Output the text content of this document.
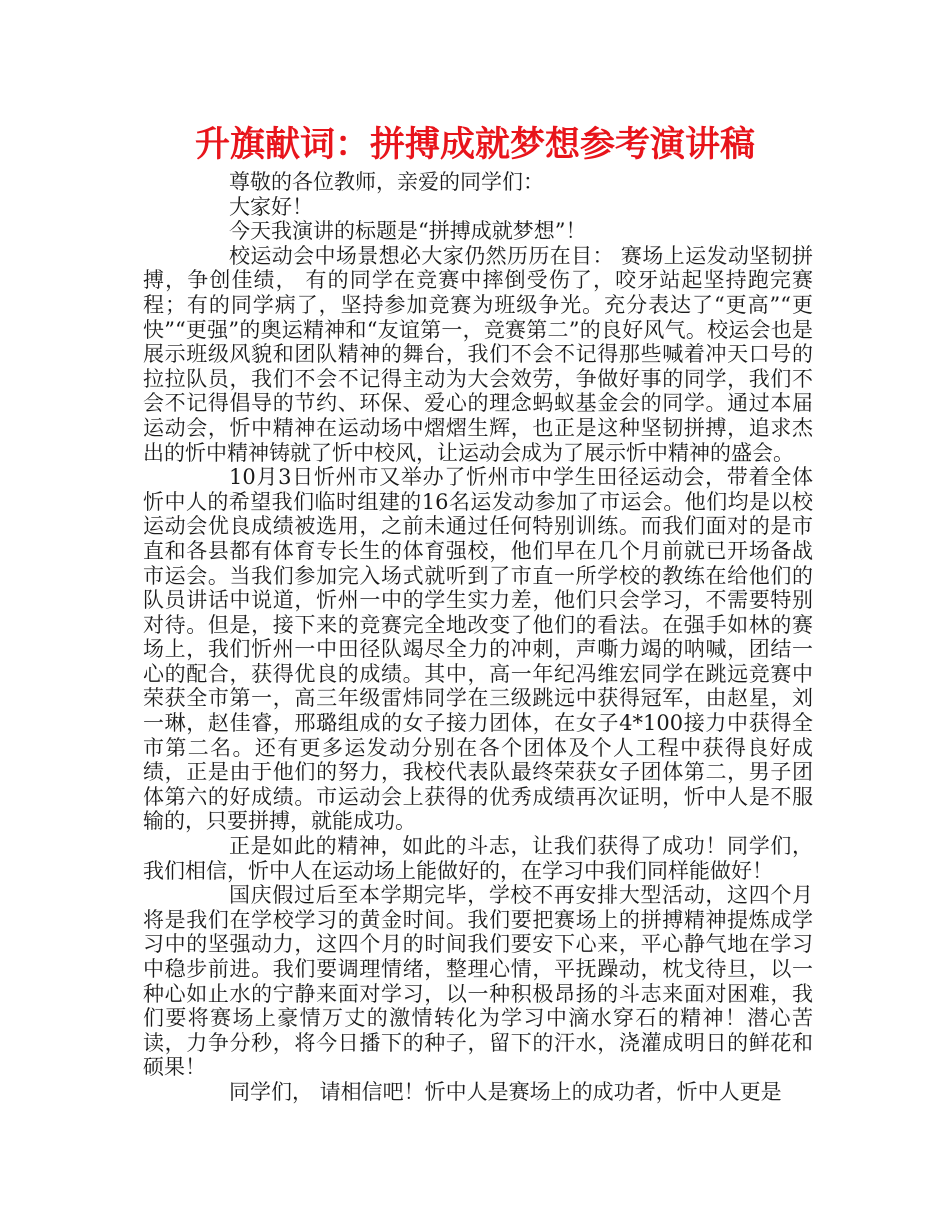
升旗献词：拼搏成就梦想参考演讲稿

尊敬的各位教师，亲爱的同学们：

大家好！

今天我演讲的标题是“拼搏成就梦想”！

校运动会中场景想必大家仍然历历在目： 赛场上运发动坚韧拼搏，争创佳绩， 有的同学在竞赛中摔倒受伤了，咬牙站起坚持跑完赛程；有的同学病了，坚持参加竞赛为班级争光。充分表达了“更高”“更快”“更强”的奥运精神和“友谊第一，竞赛第二”的良好风气。校运会也是展示班级风貌和团队精神的舞台，我们不会不记得那些喊着冲天口号的拉拉队员，我们不会不记得主动为大会效劳，争做好事的同学，我们不会不记得倡导的节约、环保、爱心的理念蚂蚁基金会的同学。通过本届运动会，忻中精神在运动场中熠熠生辉，也正是这种坚韧拼搏，追求杰出的忻中精神铸就了忻中校风，让运动会成为了展示忻中精神的盛会。

10月3日忻州市又举办了忻州市中学生田径运动会，带着全体忻中人的希望我们临时组建的16名运发动参加了市运会。他们均是以校运动会优良成绩被选用，之前未通过任何特别训练。而我们面对的是市直和各县都有体育专长生的体育强校，他们早在几个月前就已开场备战市运会。当我们参加完入场式就听到了市直一所学校的教练在给他们的队员讲话中说道，忻州一中的学生实力差，他们只会学习，不需要特别对待。但是，接下来的竞赛完全地改变了他们的看法。在强手如林的赛场上，我们忻州一中田径队竭尽全力的冲刺，声嘶力竭的呐喊，团结一心的配合，获得优良的成绩。其中，高一年纪冯维宏同学在跳远竞赛中荣获全市第一，高三年级雷炜同学在三级跳远中获得冠军，由赵星，刘一琳，赵佳睿，邢璐组成的女子接力团体，在女子4*100接力中获得全市第二名。还有更多运发动分别在各个团体及个人工程中获得良好成绩，正是由于他们的努力，我校代表队最终荣获女子团体第二，男子团体第六的好成绩。市运动会上获得的优秀成绩再次证明，忻中人是不服输的，只要拼搏，就能成功。

正是如此的精神，如此的斗志，让我们获得了成功！同学们，我们相信，忻中人在运动场上能做好的，在学习中我们同样能做好！

国庆假过后至本学期完毕，学校不再安排大型活动，这四个月将是我们在学校学习的黄金时间。我们要把赛场上的拼搏精神提炼成学习中的坚强动力，这四个月的时间我们要安下心来，平心静气地在学习中稳步前进。我们要调理情绪，整理心情，平抚躁动，枕戈待旦，以一种心如止水的宁静来面对学习，以一种积极昂扬的斗志来面对困难，我们要将赛场上豪情万丈的激情转化为学习中滴水穿石的精神！潜心苦读，力争分秒，将今日播下的种子，留下的汗水，浇灌成明日的鲜花和硕果！

同学们， 请相信吧！忻中人是赛场上的成功者，忻中人更是
